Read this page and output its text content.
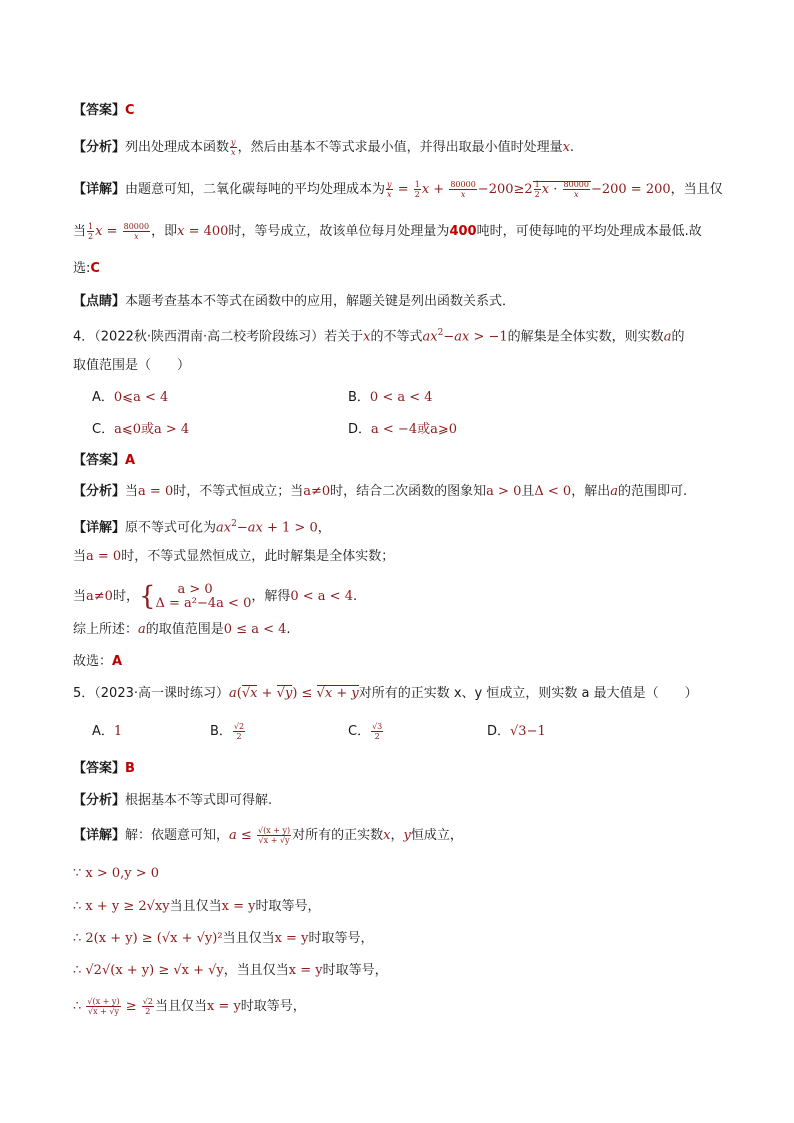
【答案】C
【分析】列出处理成本函数 $\frac{y}{x}$ ，然后由基本不等式求最小值，并得出取最小值时处理量x.
【详解】由题意可知，二氧化碳每吨的平均处理成本为 $\frac{y}{x} = \frac{1}{2}$ $x + \frac{80000}{x} -200\ge 2 \frac{1}{2}$ $x \cdot \frac{80000}{x} -200 = 200$，当且仅
当 $\frac{1}{2}$ $x = \frac{80000}{x}$ ，即x = 400时，等号成立，故该单位每月处理量为400吨时，可使每吨的平均处理成本最低.故
选:C
【点睛】本题考查基本不等式在函数中的应用，解题关键是列出函数关系式．
4．（2022秋·陕西渭南·高二校考阶段练习）若关于x的不等式$ax^2-ax > -1$的解集是全体实数，则实数a的
取值范围是（　　）
A．0⩽a < 4	B．0 < a < 4
C．a⩽0或a > 4	D．a < −4或a⩾0
【答案】A
【分析】当a = 0时，不等式恒成立；当a≠0时，结合二次函数的图象知a > 0且Δ < 0，解出a的范围即可.
【详解】原不等式可化为$ax^2-ax + 1 > 0$，
当a = 0时，不等式显然恒成立，此时解集是全体实数；
当a≠0时，{	a > 0
Δ = a²−4a < 0 ，解得0 < a < 4.
综上所述：a的取值范围是0 ≤ a < 4.
故选：A
5．（2023·高一课时练习）a(√x + √y) ≤ √x + y对所有的正实数 x、y 恒成立，则实数 a 最大值是（　　）
A．1	B． $\frac{√2}{2}$	C． $\frac{√3}{2}$	D．√3−1
【答案】B
【分析】根据基本不等式即可得解.
【详解】解：依题意可知，$a \le \frac{√(x + y)}{√x + √y}$ 对所有的正实数x，y恒成立，
∵ x > 0,y > 0
∴ x + y ≥ 2√xy当且仅当x = y时取等号，
∴ 2(x + y) ≥ (√x + √y)²当且仅当x = y时取等号，
∴ √2√(x + y) ≥ √x + √y，当且仅当x = y时取等号，
∴ $\frac{√(x + y)}{√x + √y} \ge \frac{√2}{2}$ 当且仅当x = y时取等号，
